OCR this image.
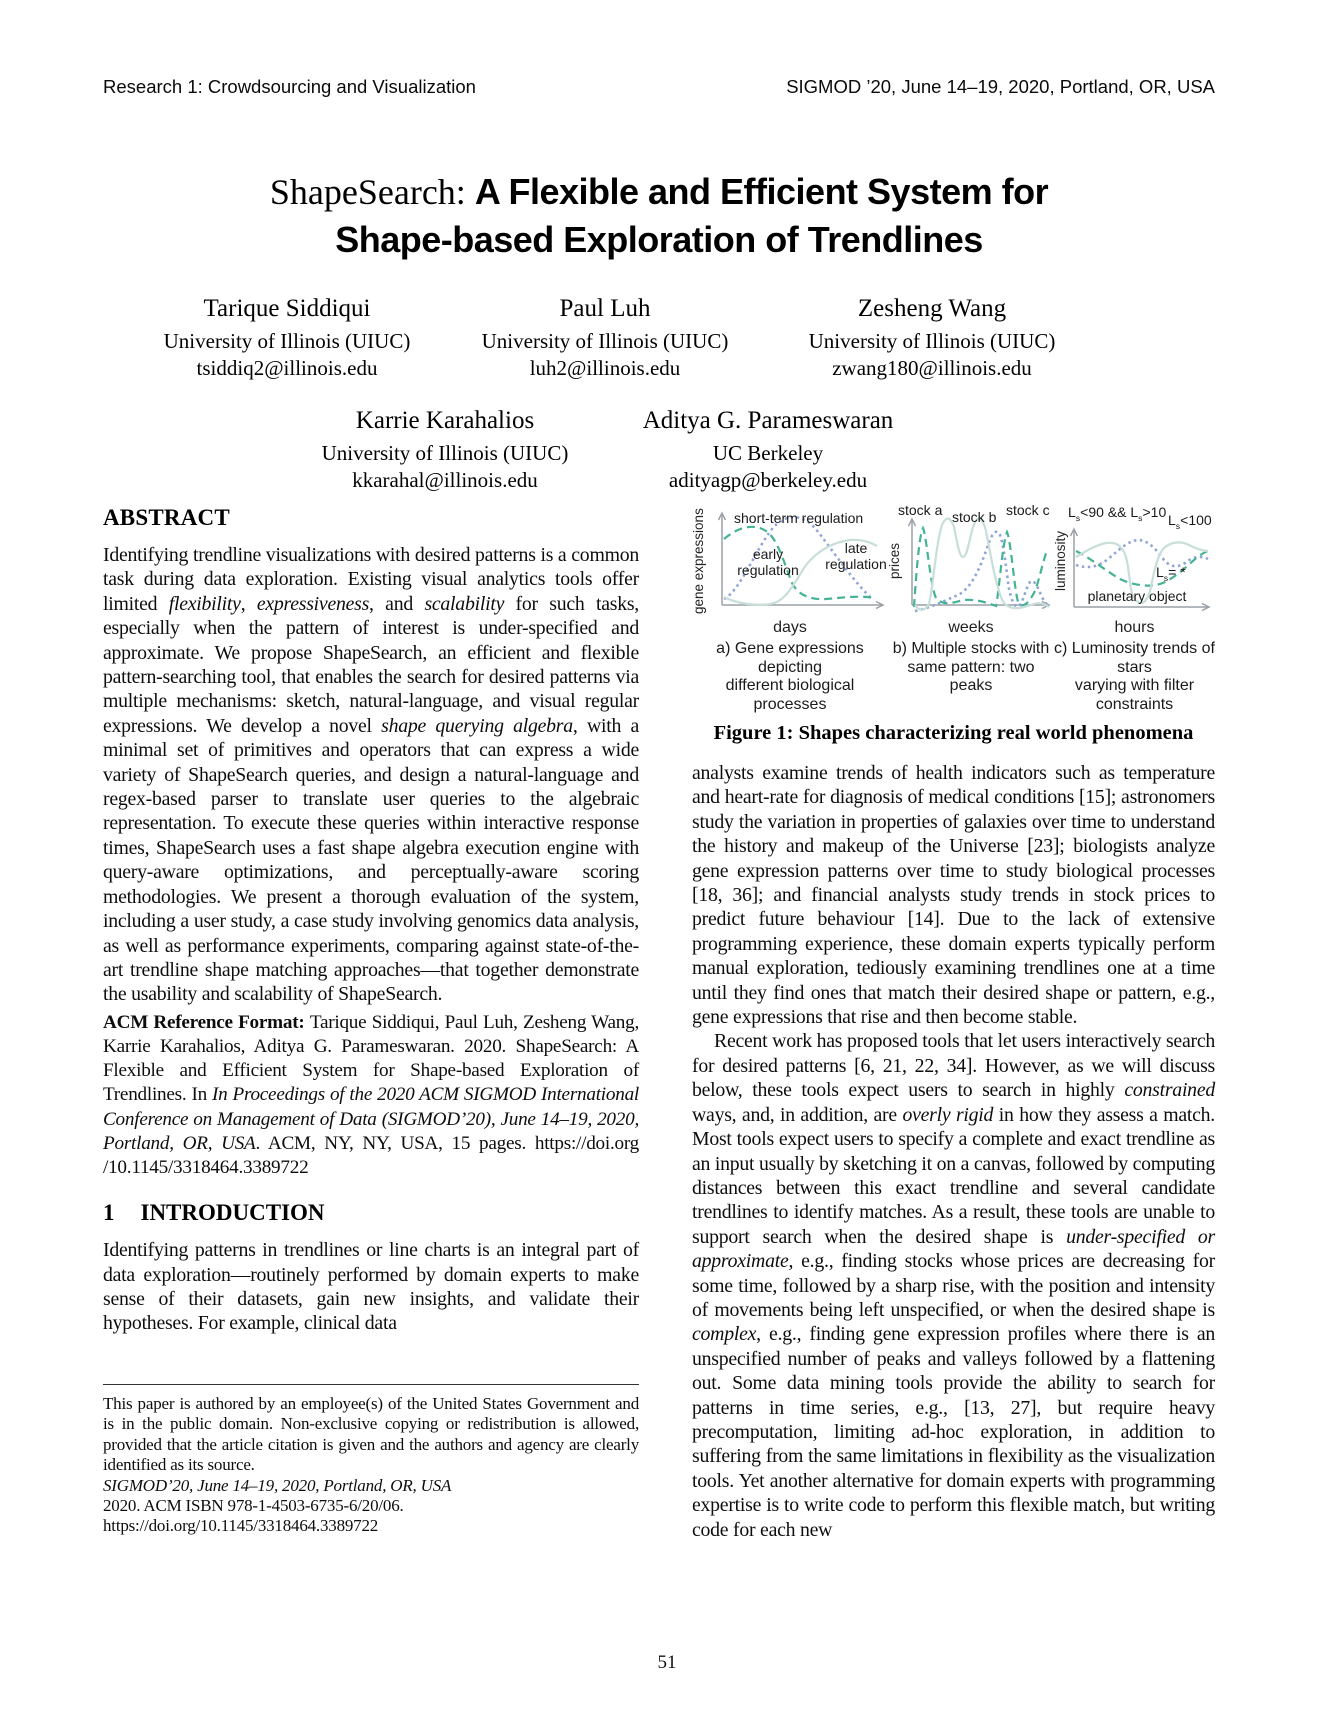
Research 1: Crowdsourcing and Visualization	SIGMOD ’20, June 14–19, 2020, Portland, OR, USA
ShapeSearch: A Flexible and Efficient System for
Shape-based Exploration of Trendlines
Tarique Siddiqui
University of Illinois (UIUC)
tsiddiq2@illinois.edu
Paul Luh
University of Illinois (UIUC)
luh2@illinois.edu
Zesheng Wang
University of Illinois (UIUC)
zwang180@illinois.edu
Karrie Karahalios
University of Illinois (UIUC)
kkarahal@illinois.edu
Aditya G. Parameswaran
UC Berkeley
adityagp@berkeley.edu
ABSTRACT

Identifying trendline visualizations with desired patterns is a common task during data exploration. Existing visual analytics tools offer limited flexibility, expressiveness, and scalability for such tasks, especially when the pattern of interest is under-specified and approximate. We propose ShapeSearch, an efficient and flexible pattern-searching tool, that enables the search for desired patterns via multiple mechanisms: sketch, natural-language, and visual regular expressions. We develop a novel shape querying algebra, with a minimal set of primitives and operators that can express a wide variety of ShapeSearch queries, and design a natural-language and regex-based parser to translate user queries to the algebraic representation. To execute these queries within interactive response times, ShapeSearch uses a fast shape algebra execution engine with query-aware optimizations, and perceptually-aware scoring methodologies. We present a thorough evaluation of the system, including a user study, a case study involving genomics data analysis, as well as performance experiments, comparing against state-of-the-art trendline shape matching approaches—that together demonstrate the usability and scalability of ShapeSearch.

ACM Reference Format: Tarique Siddiqui, Paul Luh, Zesheng Wang, Karrie Karahalios, Aditya G. Parameswaran. 2020. ShapeSearch: A Flexible and Efficient System for Shape-based Exploration of Trendlines. In In Proceedings of the 2020 ACM SIGMOD International Conference on Management of Data (SIGMOD’20), June 14–19, 2020, Portland, OR, USA. ACM, NY, NY, USA, 15 pages. https://doi.org /10.1145/3318464.3389722

1 INTRODUCTION

Identifying patterns in trendlines or line charts is an integral part of data exploration—routinely performed by domain experts to make sense of their datasets, gain new insights, and validate their hypotheses. For example, clinical data

gene expressions short-term regulation
early regulation
late regulation
days
a) Gene expressions depicting
different biological processes
prices
stock a stock b stock c
weeks
b) Multiple stocks with
same pattern: two peaks
luminosity
$L_s<90$ && $L_s>10$ $L_s<100$
$L_s=$ *
planetary object
hours
c) Luminosity trends of stars
varying with filter constraints
Figure 1: Shapes characterizing real world phenomena

analysts examine trends of health indicators such as temperature and heart-rate for diagnosis of medical conditions [15]; astronomers study the variation in properties of galaxies over time to understand the history and makeup of the Universe [23]; biologists analyze gene expression patterns over time to study biological processes [18, 36]; and financial analysts study trends in stock prices to predict future behaviour [14]. Due to the lack of extensive programming experience, these domain experts typically perform manual exploration, tediously examining trendlines one at a time until they find ones that match their desired shape or pattern, e.g., gene expressions that rise and then become stable.

Recent work has proposed tools that let users interactively search for desired patterns [6, 21, 22, 34]. However, as we will discuss below, these tools expect users to search in highly constrained ways, and, in addition, are overly rigid in how they assess a match. Most tools expect users to specify a complete and exact trendline as an input usually by sketching it on a canvas, followed by computing distances between this exact trendline and several candidate trendlines to identify matches. As a result, these tools are unable to support search when the desired shape is under-specified or approximate, e.g., finding stocks whose prices are decreasing for some time, followed by a sharp rise, with the position and intensity of movements being left unspecified, or when the desired shape is complex, e.g., finding gene expression profiles where there is an unspecified number of peaks and valleys followed by a flattening out. Some data mining tools provide the ability to search for patterns in time series, e.g., [13, 27], but require heavy precomputation, limiting ad-hoc exploration, in addition to suffering from the same limitations in flexibility as the visualization tools. Yet another alternative for domain experts with programming expertise is to write code to perform this flexible match, but writing code for each new

This paper is authored by an employee(s) of the United States Government and is in the public domain. Non-exclusive copying or redistribution is allowed, provided that the article citation is given and the authors and agency are clearly identified as its source.

SIGMOD’20, June 14–19, 2020, Portland, OR, USA

2020. ACM ISBN 978-1-4503-6735-6/20/06.

https://doi.org/10.1145/3318464.3389722

51
